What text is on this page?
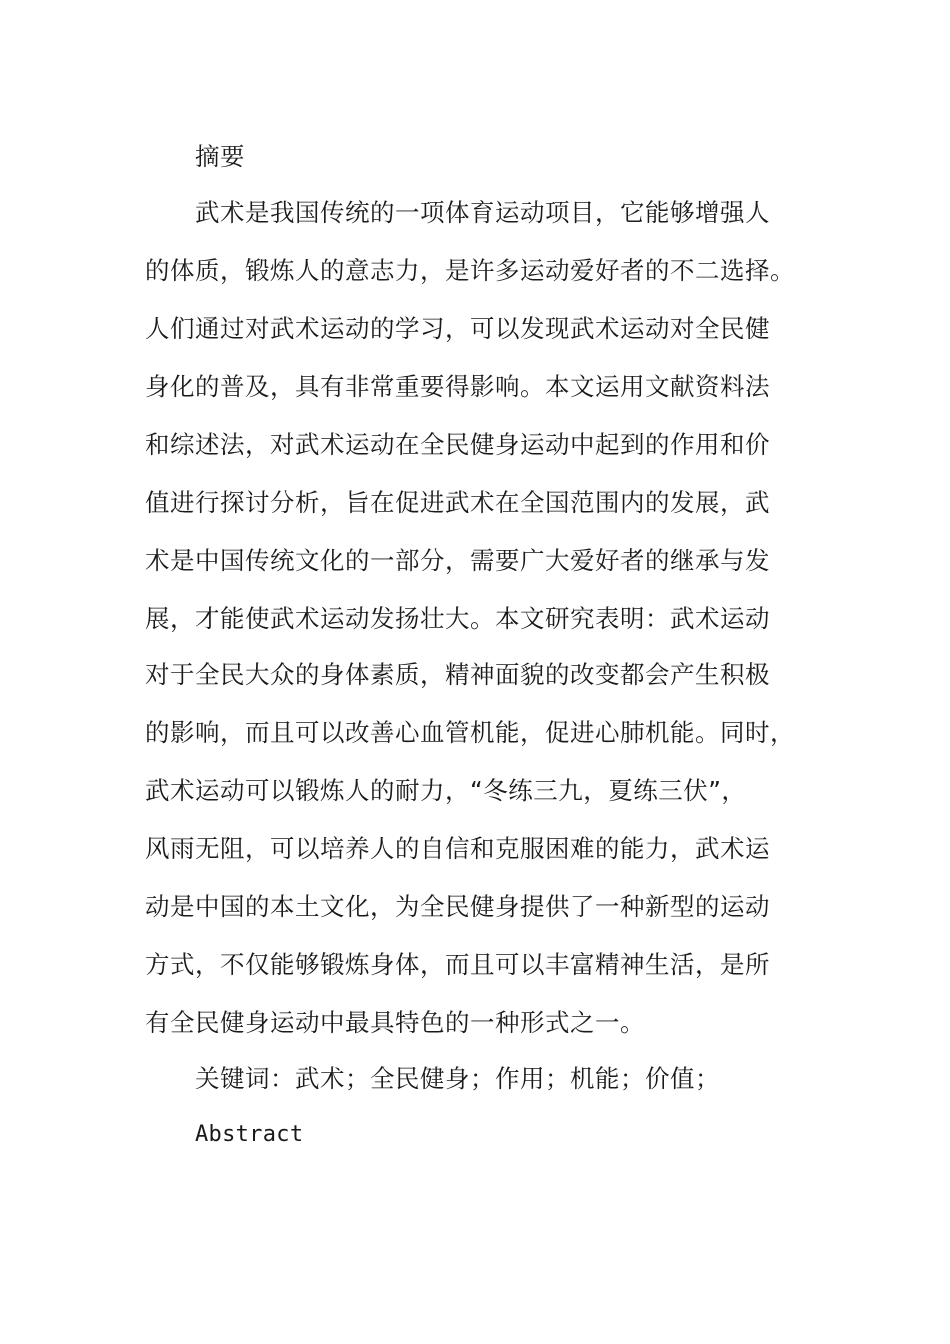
摘要
武术是我国传统的一项体育运动项目，它能够增强人
的体质，锻炼人的意志力，是许多运动爱好者的不二选择。
人们通过对武术运动的学习，可以发现武术运动对全民健
身化的普及，具有非常重要得影响。本文运用文献资料法
和综述法，对武术运动在全民健身运动中起到的作用和价
值进行探讨分析，旨在促进武术在全国范围内的发展，武
术是中国传统文化的一部分，需要广大爱好者的继承与发
展，才能使武术运动发扬壮大。本文研究表明：武术运动
对于全民大众的身体素质，精神面貌的改变都会产生积极
的影响，而且可以改善心血管机能，促进心肺机能。同时，
武术运动可以锻炼人的耐力，“冬练三九，夏练三伏”，
风雨无阻，可以培养人的自信和克服困难的能力，武术运
动是中国的本土文化，为全民健身提供了一种新型的运动
方式，不仅能够锻炼身体，而且可以丰富精神生活，是所
有全民健身运动中最具特色的一种形式之一。
关键词：武术；全民健身；作用；机能；价值；
Abstract
